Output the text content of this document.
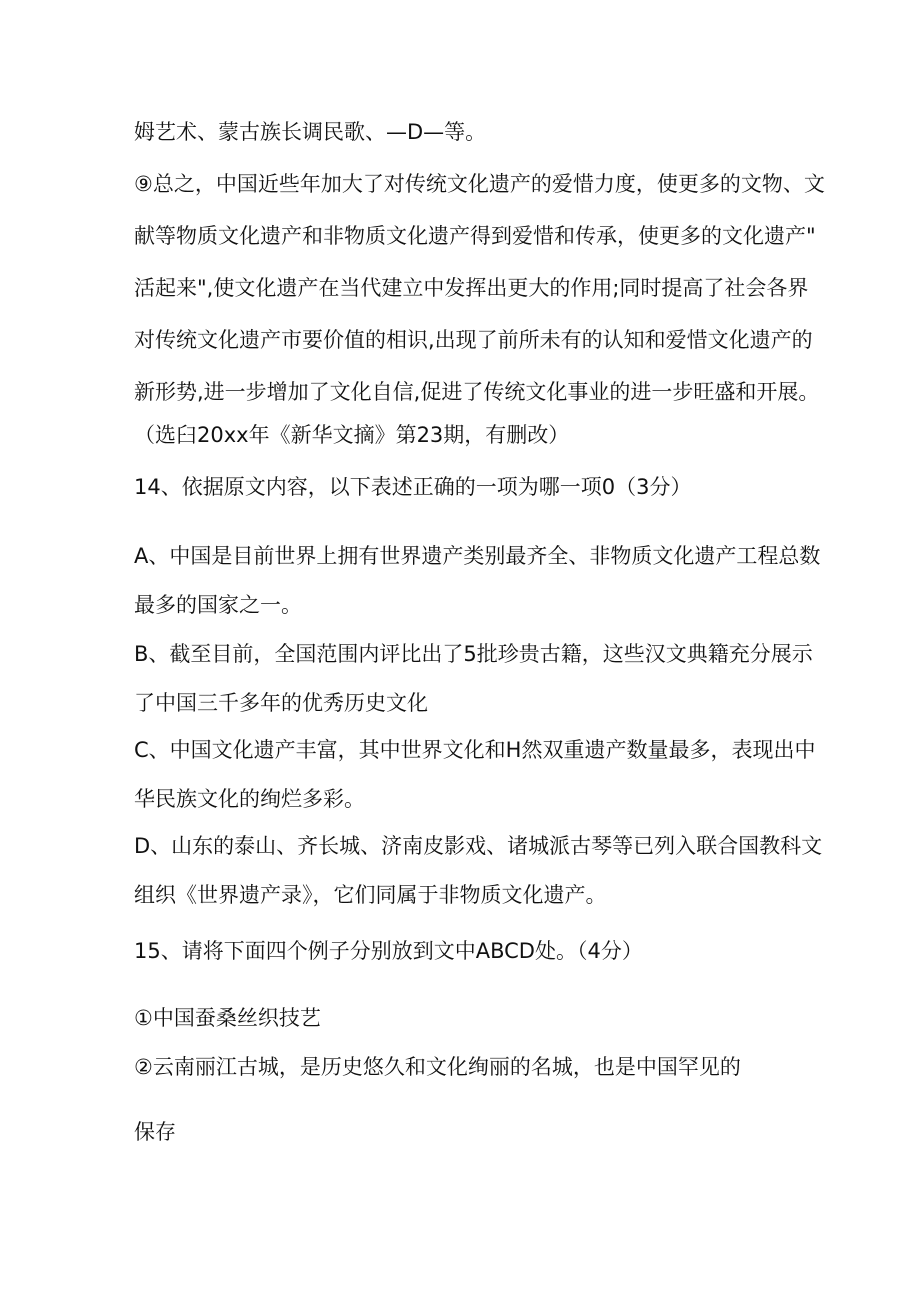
姆艺术、蒙古族长调民歌、—D—等。
⑨总之，中国近些年加大了对传统文化遗产的爱惜力度，使更多的文物、文
献等物质文化遗产和非物质文化遗产得到爱惜和传承，使更多的文化遗产"
活起来",使文化遗产在当代建立中发挥出更大的作用;同时提高了社会各界
对传统文化遗产市要价值的相识,出现了前所未有的认知和爱惜文化遗产的
新形势,进一步增加了文化自信,促进了传统文化事业的进一步旺盛和开展。
（选臼20xx年《新华文摘》第23期，有删改）
14、依据原文内容，以下表述正确的一项为哪一项0（3分）
A、中国是目前世界上拥有世界遗产类别最齐全、非物质文化遗产工程总数
最多的国家之一。
B、截至目前，全国范围内评比出了5批珍贵古籍，这些汉文典籍充分展示
了中国三千多年的优秀历史文化
C、中国文化遗产丰富，其中世界文化和H然双重遗产数量最多，表现出中
华民族文化的绚烂多彩。
D、山东的泰山、齐长城、济南皮影戏、诸城派古琴等已列入联合国教科文
组织《世界遗产录》，它们同属于非物质文化遗产。
15、请将下面四个例子分别放到文中ABCD处。（4分）
①中国蚕桑丝织技艺
②云南丽江古城，是历史悠久和文化绚丽的名城，也是中国罕见的
保存
